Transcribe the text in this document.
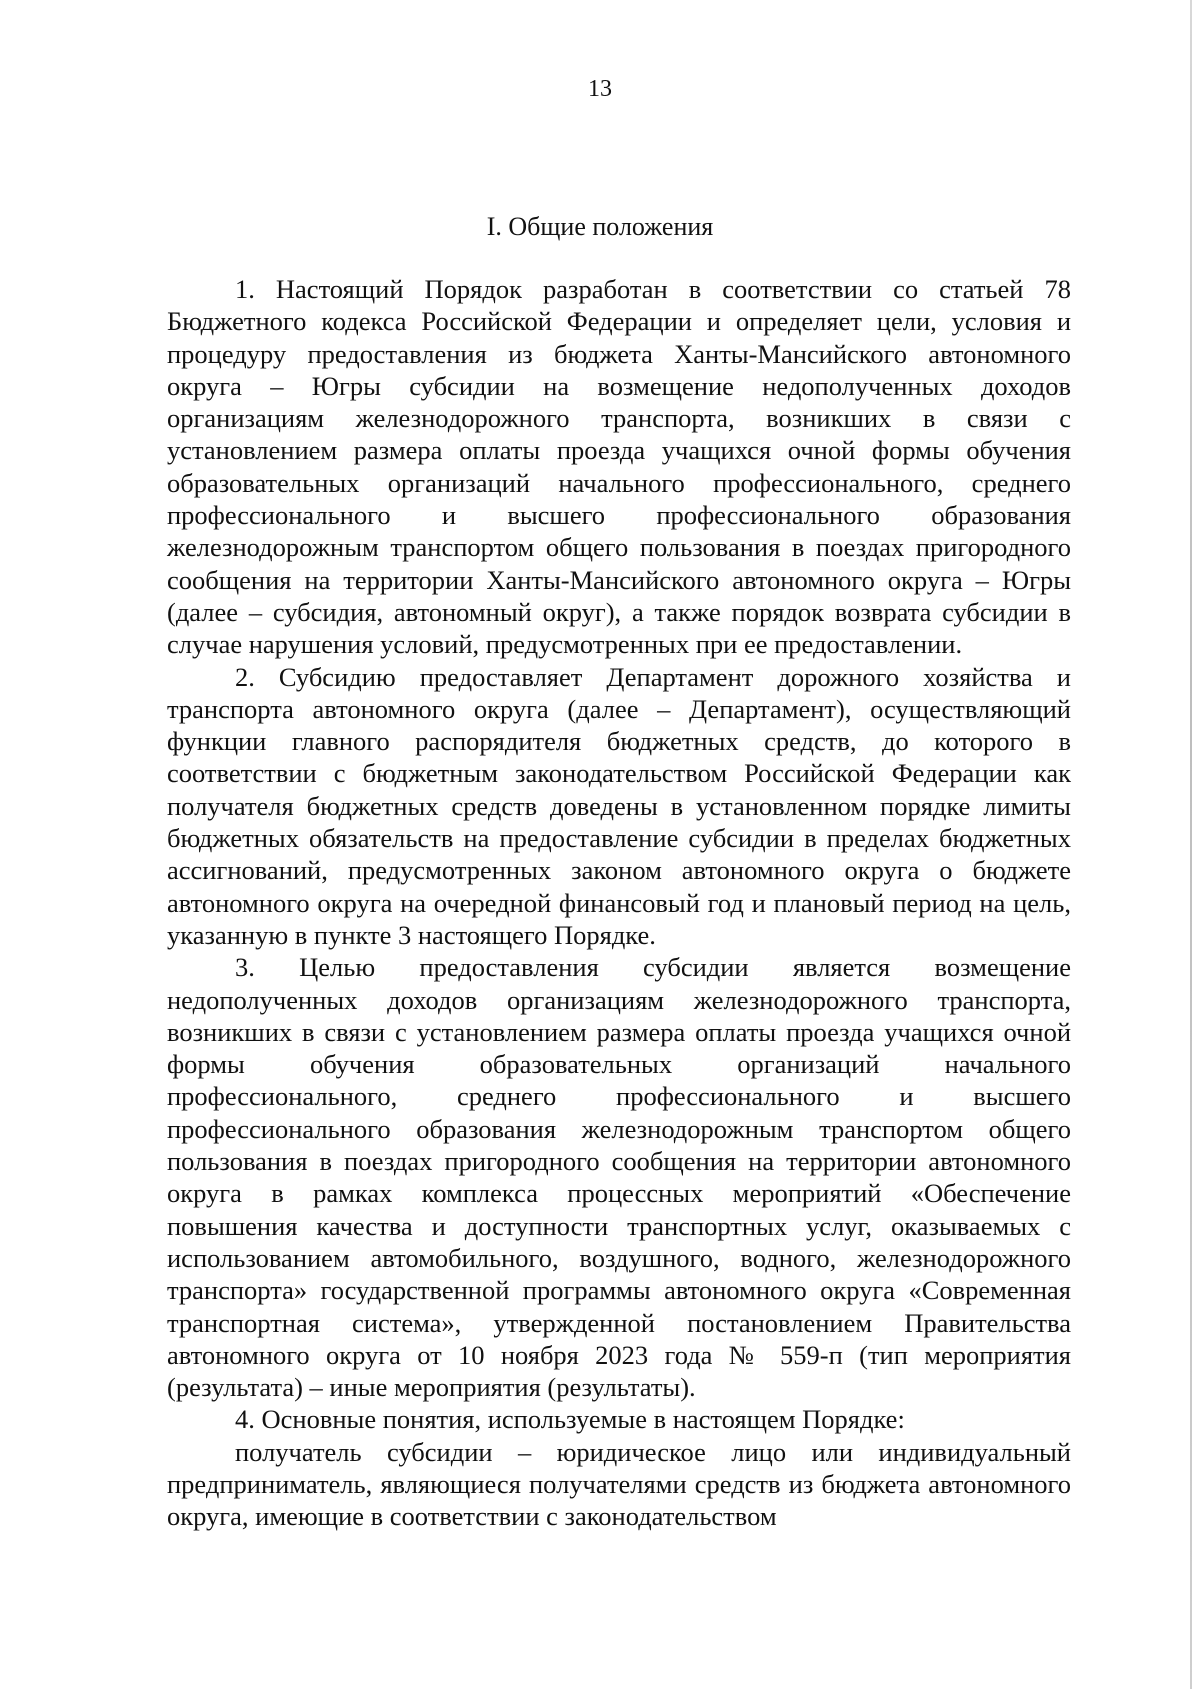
13
I. Общие положения

1. Настоящий Порядок разработан в соответствии со статьей 78 Бюджетного кодекса Российской Федерации и определяет цели, условия и процедуру предоставления из бюджета Ханты-Мансийского автономного округа – Югры субсидии на возмещение недополученных доходов организациям железнодорожного транспорта, возникших в связи с установлением размера оплаты проезда учащихся очной формы обучения образовательных организаций начального профессионального, среднего профессионального и высшего профессионального образования железнодорожным транспортом общего пользования в поездах пригородного сообщения на территории Ханты-Мансийского автономного округа – Югры (далее – субсидия, автономный округ), а также порядок возврата субсидии в случае нарушения условий, предусмотренных при ее предоставлении.

2. Субсидию предоставляет Департамент дорожного хозяйства и транспорта автономного округа (далее – Департамент), осуществляющий функции главного распорядителя бюджетных средств, до которого в соответствии с бюджетным законодательством Российской Федерации как получателя бюджетных средств доведены в установленном порядке лимиты бюджетных обязательств на предоставление субсидии в пределах бюджетных ассигнований, предусмотренных законом автономного округа о бюджете автономного округа на очередной финансовый год и плановый период на цель, указанную в пункте 3 настоящего Порядке.

3. Целью предоставления субсидии является возмещение недополученных доходов организациям железнодорожного транспорта, возникших в связи с установлением размера оплаты проезда учащихся очной формы обучения образовательных организаций начального профессионального, среднего профессионального и высшего профессионального образования железнодорожным транспортом общего пользования в поездах пригородного сообщения на территории автономного округа в рамках комплекса процессных мероприятий «Обеспечение повышения качества и доступности транспортных услуг, оказываемых с использованием автомобильного, воздушного, водного, железнодорожного транспорта» государственной программы автономного округа «Современная транспортная система», утвержденной постановлением Правительства автономного округа от 10 ноября 2023 года № 559-п (тип мероприятия (результата) – иные мероприятия (результаты).

4. Основные понятия, используемые в настоящем Порядке:

получатель субсидии – юридическое лицо или индивидуальный предприниматель, являющиеся получателями средств из бюджета автономного округа, имеющие в соответствии с законодательством
